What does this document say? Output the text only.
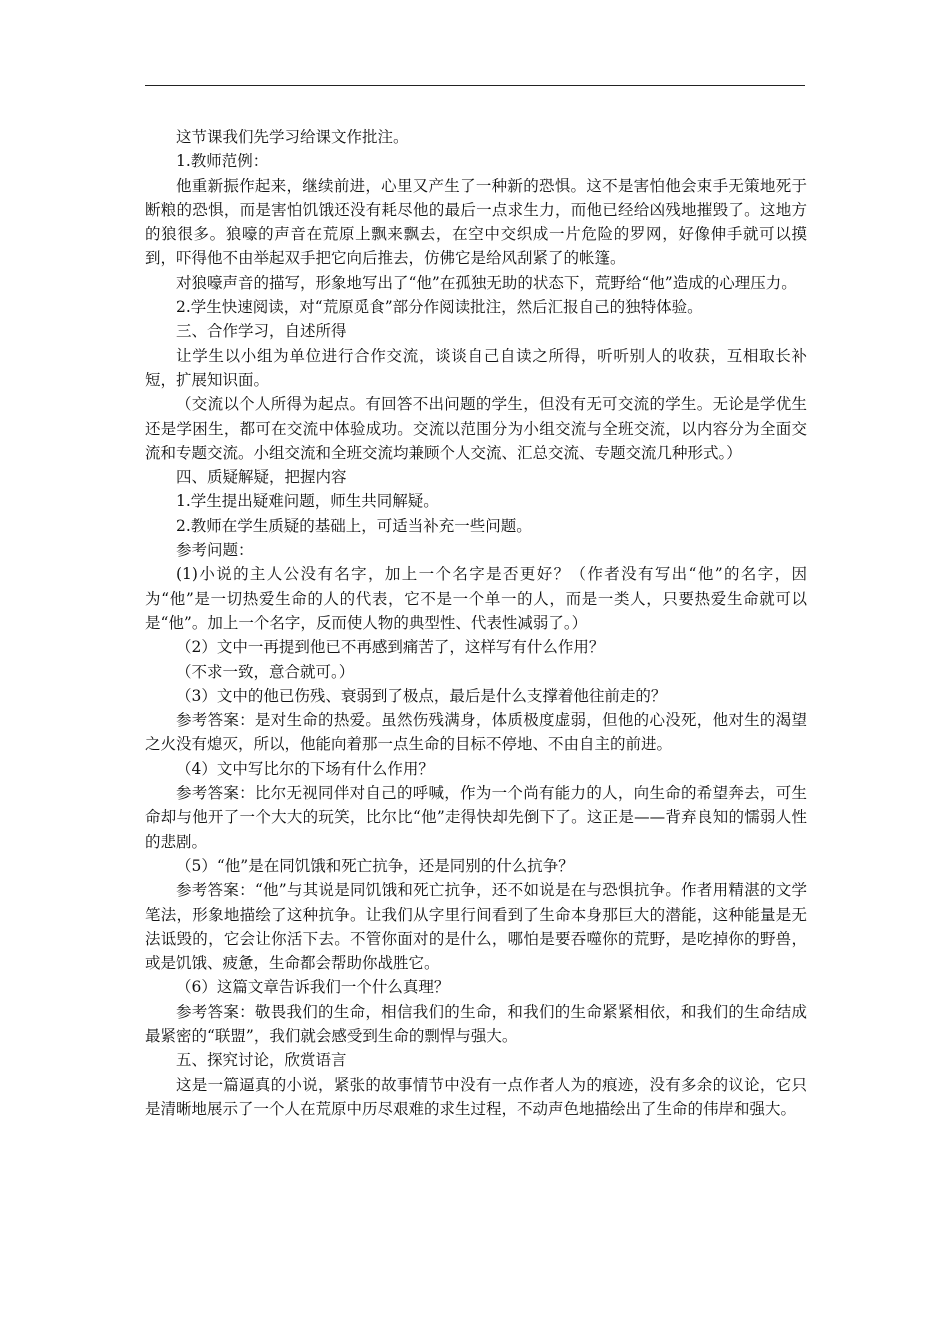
这节课我们先学习给课文作批注。

1.教师范例：

他重新振作起来，继续前进，心里又产生了一种新的恐惧。这不是害怕他会束手无策地死于断粮的恐惧，而是害怕饥饿还没有耗尽他的最后一点求生力，而他已经给凶残地摧毁了。这地方的狼很多。狼嚎的声音在荒原上飘来飘去，在空中交织成一片危险的罗网，好像伸手就可以摸到，吓得他不由举起双手把它向后推去，仿佛它是给风刮紧了的帐篷。

对狼嚎声音的描写，形象地写出了“他”在孤独无助的状态下，荒野给“他”造成的心理压力。

2.学生快速阅读，对“荒原觅食”部分作阅读批注，然后汇报自己的独特体验。

三、合作学习，自述所得

让学生以小组为单位进行合作交流，谈谈自己自读之所得，听听别人的收获，互相取长补短，扩展知识面。

（交流以个人所得为起点。有回答不出问题的学生，但没有无可交流的学生。无论是学优生还是学困生，都可在交流中体验成功。交流以范围分为小组交流与全班交流，以内容分为全面交流和专题交流。小组交流和全班交流均兼顾个人交流、汇总交流、专题交流几种形式。）

四、质疑解疑，把握内容

1.学生提出疑难问题，师生共同解疑。

2.教师在学生质疑的基础上，可适当补充一些问题。

参考问题：

(1)小说的主人公没有名字，加上一个名字是否更好？（作者没有写出“他”的名字，因为“他”是一切热爱生命的人的代表，它不是一个单一的人，而是一类人，只要热爱生命就可以是“他”。加上一个名字，反而使人物的典型性、代表性减弱了。）

（2）文中一再提到他已不再感到痛苦了，这样写有什么作用？

（不求一致，意合就可。）

（3）文中的他已伤残、衰弱到了极点，最后是什么支撑着他往前走的？

参考答案：是对生命的热爱。虽然伤残满身，体质极度虚弱，但他的心没死，他对生的渴望之火没有熄灭，所以，他能向着那一点生命的目标不停地、不由自主的前进。

（4）文中写比尔的下场有什么作用？

参考答案：比尔无视同伴对自己的呼喊，作为一个尚有能力的人，向生命的希望奔去，可生命却与他开了一个大大的玩笑，比尔比“他”走得快却先倒下了。这正是——背弃良知的懦弱人性的悲剧。

（5）“他”是在同饥饿和死亡抗争，还是同别的什么抗争？

参考答案：“他”与其说是同饥饿和死亡抗争，还不如说是在与恐惧抗争。作者用精湛的文学笔法，形象地描绘了这种抗争。让我们从字里行间看到了生命本身那巨大的潜能，这种能量是无法诋毁的，它会让你活下去。不管你面对的是什么，哪怕是要吞噬你的荒野，是吃掉你的野兽，或是饥饿、疲惫，生命都会帮助你战胜它。

（6）这篇文章告诉我们一个什么真理？

参考答案：敬畏我们的生命，相信我们的生命，和我们的生命紧紧相依，和我们的生命结成最紧密的“联盟”，我们就会感受到生命的剽悍与强大。

五、探究讨论，欣赏语言

这是一篇逼真的小说，紧张的故事情节中没有一点作者人为的痕迹，没有多余的议论，它只是清晰地展示了一个人在荒原中历尽艰难的求生过程，不动声色地描绘出了生命的伟岸和强大。
